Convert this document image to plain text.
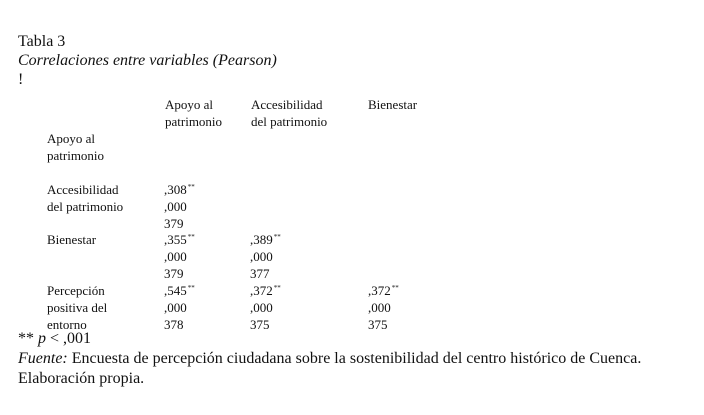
Tabla 3
Correlaciones entre variables (Pearson)
!
Apoyo al
patrimonio
Accesibilidad
del patrimonio
Bienestar
Apoyo al
patrimonio
Accesibilidad
del patrimonio
Bienestar
Percepción
positiva del
entorno
,308**
,000
379
,355**
,000
379
,389**
,000
377
,545**
,000
378
,372**
,000
375
,372**
,000
375
** p < ,001
Fuente: Encuesta de percepción ciudadana sobre la sostenibilidad del centro histórico de Cuenca.
Elaboración propia.
